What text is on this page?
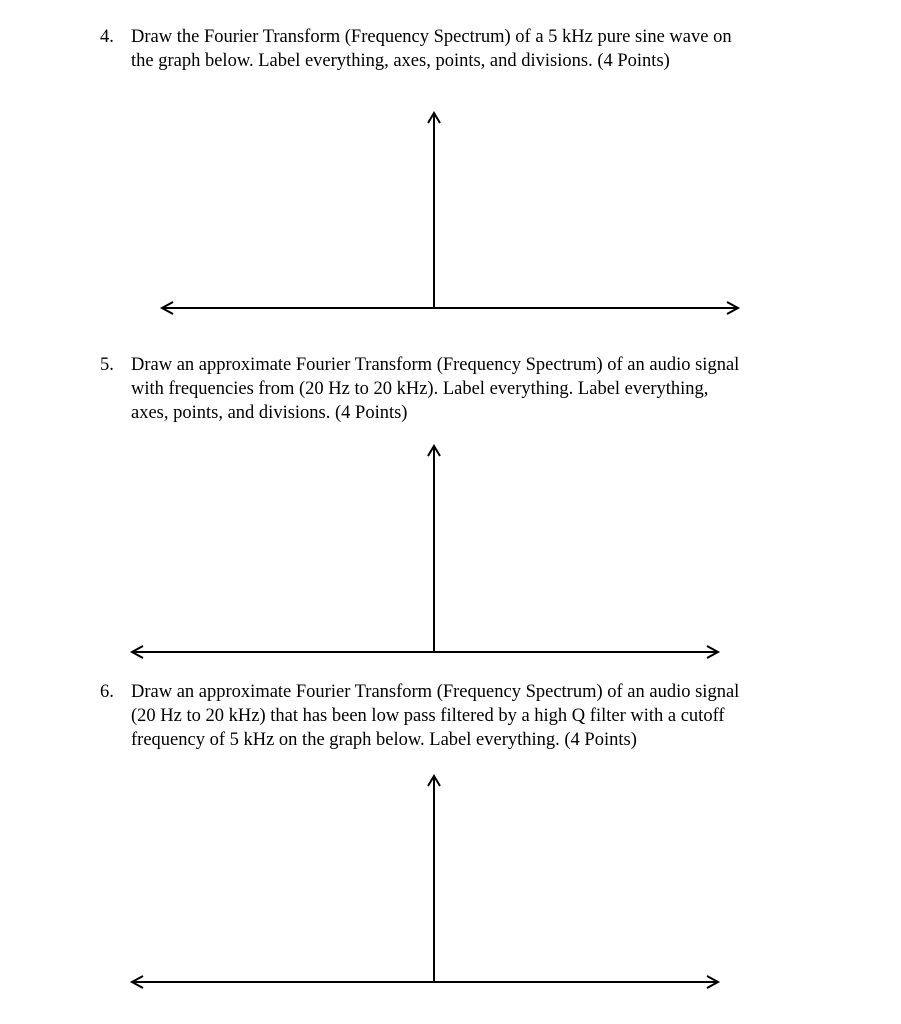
4. Draw the Fourier Transform (Frequency Spectrum) of a 5 kHz pure sine wave on
the graph below. Label everything, axes, points, and divisions. (4 Points)
5. Draw an approximate Fourier Transform (Frequency Spectrum) of an audio signal
with frequencies from (20 Hz to 20 kHz). Label everything. Label everything,
axes, points, and divisions. (4 Points)
6. Draw an approximate Fourier Transform (Frequency Spectrum) of an audio signal
(20 Hz to 20 kHz) that has been low pass filtered by a high Q filter with a cutoff
frequency of 5 kHz on the graph below. Label everything. (4 Points)
